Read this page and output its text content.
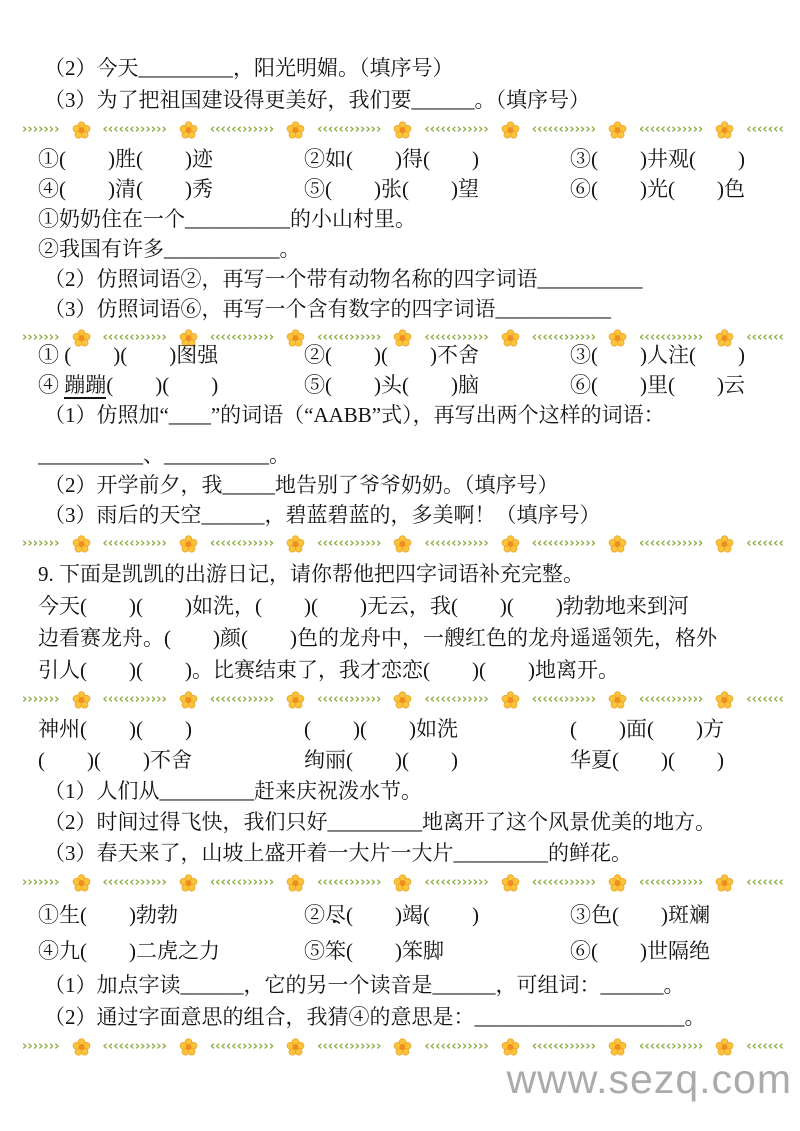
（2）今天_________，阳光明媚。（填序号）

（3）为了把祖国建设得更美好，我们要______。（填序号）

›››››››	‹‹‹‹‹‹››››››	‹‹‹‹‹‹››››››	‹‹‹‹‹‹››››››	‹‹‹‹‹‹››››››	‹‹‹‹‹‹››››››	‹‹‹‹‹‹››››››	‹‹‹‹‹‹‹
①(　　)胜(　　)迹	②如(　　)得(　　)	③(　　)井观(　　)
④(　　)清(　　)秀	⑤(　　)张(　　)望	⑥(　　)光(　　)色

①奶奶住在一个__________的小山村里。

②我国有许多___________。

（2）仿照词语②，再写一个带有动物名称的四字词语__________

（3）仿照词语⑥，再写一个含有数字的四字词语___________

›››››››	‹‹‹‹‹‹››››››	‹‹‹‹‹‹››››››	‹‹‹‹‹‹››››››	‹‹‹‹‹‹››››››	‹‹‹‹‹‹››››››	‹‹‹‹‹‹››››››	‹‹‹‹‹‹‹
① (　　)(　　)图强	②(　　)(　　)不舍	③(　　)人注(　　)
④ 蹦蹦(　　)(　　)	⑤(　　)头(　　)脑	⑥(　　)里(　　)云

（1）仿照加“____”的词语（“AABB”式），再写出两个这样的词语：

__________、__________。

（2）开学前夕，我_____地告别了爷爷奶奶。（填序号）

（3）雨后的天空______，碧蓝碧蓝的，多美啊！（填序号）

›››››››	‹‹‹‹‹‹››››››	‹‹‹‹‹‹››››››	‹‹‹‹‹‹››››››	‹‹‹‹‹‹››››››	‹‹‹‹‹‹››››››	‹‹‹‹‹‹››››››	‹‹‹‹‹‹‹

9. 下面是凯凯的出游日记，请你帮他把四字词语补充完整。

今天(　　)(　　)如洗，(　　)(　　)无云，我(　　)(　　)勃勃地来到河

边看赛龙舟。(　　)颜(　　)色的龙舟中，一艘红色的龙舟遥遥领先，格外

引人(　　)(　　)。比赛结束了，我才恋恋(　　)(　　)地离开。

›››››››	‹‹‹‹‹‹››››››	‹‹‹‹‹‹››››››	‹‹‹‹‹‹››››››	‹‹‹‹‹‹››››››	‹‹‹‹‹‹››››››	‹‹‹‹‹‹››››››	‹‹‹‹‹‹‹
神州(　　)(　　)	(　　)(　　)如洗	(　　)面(　　)方
(　　)(　　)不舍	绚丽(　　)(　　)	华夏(　　)(　　)

（1）人们从_________赶来庆祝泼水节。

（2）时间过得飞快，我们只好_________地离开了这个风景优美的地方。

（3）春天来了，山坡上盛开着一大片一大片_________的鲜花。

›››››››	‹‹‹‹‹‹››››››	‹‹‹‹‹‹››››››	‹‹‹‹‹‹››››››	‹‹‹‹‹‹››››››	‹‹‹‹‹‹››››››	‹‹‹‹‹‹››››››	‹‹‹‹‹‹‹
①生(　　)勃勃	②尽(　　)竭(　　)	③色(　　)斑斓
④九(　　)二虎之力	⑤笨(　　)笨脚	⑥(　　)世隔绝

（1）加点字读______，它的另一个读音是______，可组词：______。

（2）通过字面意思的组合，我猜④的意思是：____________________。

›››››››	‹‹‹‹‹‹››››››	‹‹‹‹‹‹››››››	‹‹‹‹‹‹››››››	‹‹‹‹‹‹››››››	‹‹‹‹‹‹››››››	‹‹‹‹‹‹››››››	‹‹‹‹‹‹‹
www.sezq.com
